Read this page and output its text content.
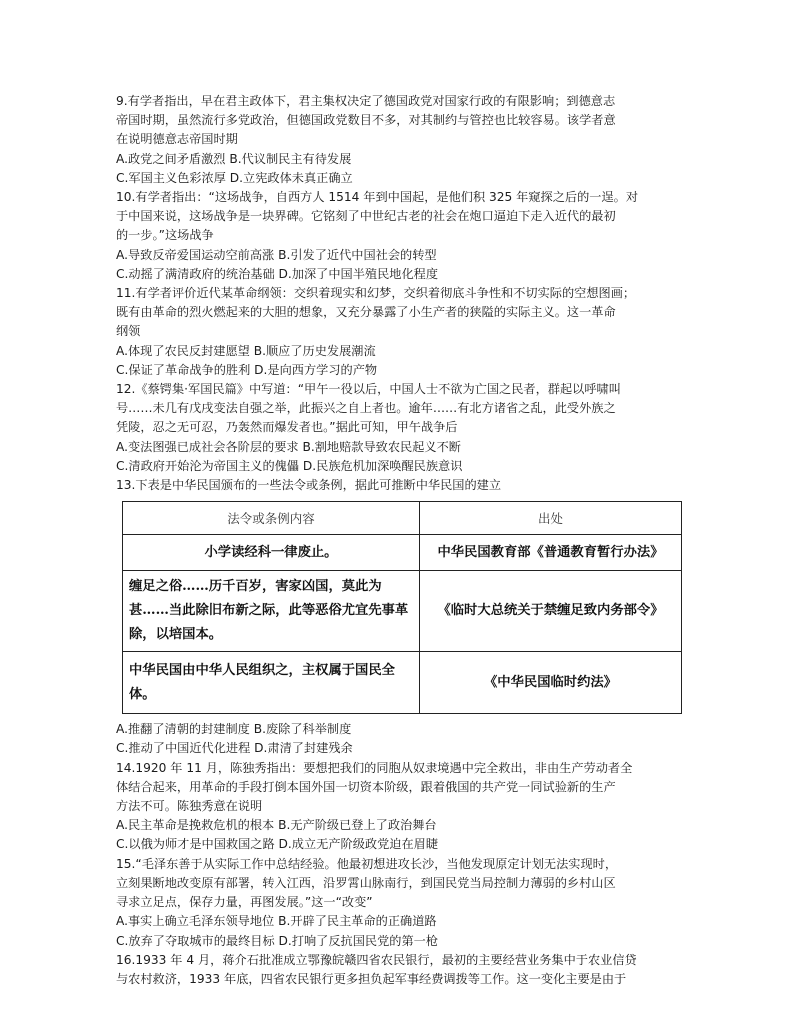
9.有学者指出，早在君主政体下，君主集权决定了德国政党对国家行政的有限影响；到德意志
帝国时期，虽然流行多党政治，但德国政党数目不多，对其制约与管控也比较容易。该学者意
在说明德意志帝国时期
A.政党之间矛盾激烈 B.代议制民主有待发展
C.军国主义色彩浓厚 D.立宪政体未真正确立
10.有学者指出：“这场战争，自西方人 1514 年到中国起，是他们积 325 年窥探之后的一逞。对
于中国来说，这场战争是一块界碑。它铭刻了中世纪古老的社会在炮口逼迫下走入近代的最初
的一步。”这场战争
A.导致反帝爱国运动空前高涨 B.引发了近代中国社会的转型
C.动摇了满清政府的统治基础 D.加深了中国半殖民地化程度
11.有学者评价近代某革命纲领：交织着现实和幻梦，交织着彻底斗争性和不切实际的空想图画；
既有由革命的烈火燃起来的大胆的想象，又充分暴露了小生产者的狭隘的实际主义。这一革命
纲领
A.体现了农民反封建愿望 B.顺应了历史发展潮流
C.保证了革命战争的胜利 D.是向西方学习的产物
12.《蔡锷集·军国民篇》中写道：“甲午一役以后，中国人士不欲为亡国之民者，群起以呼啸叫
号……未几有戊戌变法自强之举，此振兴之自上者也。逾年……有北方诸省之乱，此受外族之
凭陵，忍之无可忍，乃轰然而爆发者也。”据此可知，甲午战争后
A.变法图强已成社会各阶层的要求 B.割地赔款导致农民起义不断
C.清政府开始沦为帝国主义的傀儡 D.民族危机加深唤醒民族意识
13.下表是中华民国颁布的一些法令或条例，据此可推断中华民国的建立
法令或条例内容	出处
小学读经科一律废止。	中华民国教育部《普通教育暂行办法》
缠足之俗……历千百岁，害家凶国，莫此为甚……当此除旧布新之际，此等恶俗尤宜先事革除，以培国本。	《临时大总统关于禁缠足致内务部令》
中华民国由中华人民组织之，主权属于国民全体。	《中华民国临时约法》
A.推翻了清朝的封建制度 B.废除了科举制度
C.推动了中国近代化进程 D.肃清了封建残余
14.1920 年 11 月，陈独秀指出：要想把我们的同胞从奴隶境遇中完全救出，非由生产劳动者全
体结合起来，用革命的手段打倒本国外国一切资本阶级，跟着俄国的共产党一同试验新的生产
方法不可。陈独秀意在说明
A.民主革命是挽救危机的根本 B.无产阶级已登上了政治舞台
C.以俄为师才是中国救国之路 D.成立无产阶级政党迫在眉睫
15.“毛泽东善于从实际工作中总结经验。他最初想进攻长沙，当他发现原定计划无法实现时，
立刻果断地改变原有部署，转入江西，沿罗霄山脉南行，到国民党当局控制力薄弱的乡村山区
寻求立足点，保存力量，再图发展。”这一“改变”
A.事实上确立毛泽东领导地位 B.开辟了民主革命的正确道路
C.放弃了夺取城市的最终目标 D.打响了反抗国民党的第一枪
16.1933 年 4 月，蒋介石批准成立鄂豫皖赣四省农民银行，最初的主要经营业务集中于农业信贷
与农村救济，1933 年底，四省农民银行更多担负起军事经费调拨等工作。这一变化主要是由于
